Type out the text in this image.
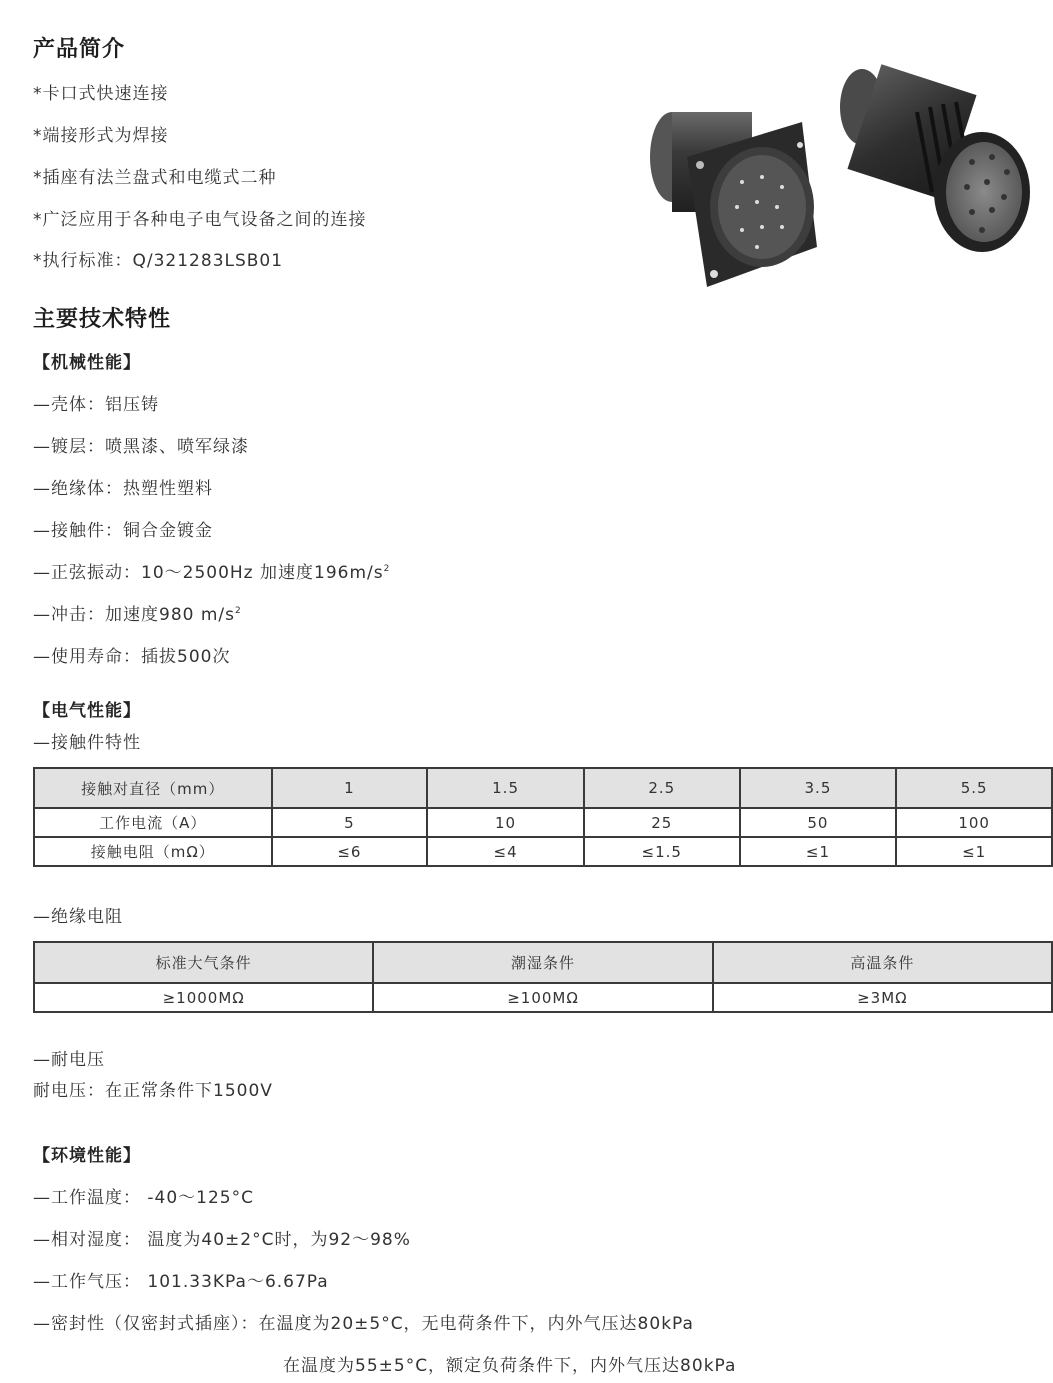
产品简介
*卡口式快速连接
*端接形式为焊接
*插座有法兰盘式和电缆式二种
*广泛应用于各种电子电气设备之间的连接
*执行标准：Q/321283LSB01
主要技术特性
【机械性能】
—壳体：铝压铸
—镀层：喷黑漆、喷军绿漆
—绝缘体：热塑性塑料
—接触件：铜合金镀金
—正弦振动：10～2500Hz 加速度$196m/s^2$
—冲击：加速度980 $m/s^2$
—使用寿命：插拔500次
【电气性能】
—接触件特性
接触对直径（mm）	1	1.5	2.5	3.5	5.5
工作电流（A）	5	10	25	50	100
接触电阻（mΩ）	≤6	≤4	≤1.5	≤1	≤1
—绝缘电阻
标准大气条件	潮湿条件	高温条件
≥1000MΩ	≥100MΩ	≥3MΩ
—耐电压
耐电压：在正常条件下1500V
【环境性能】
—工作温度： -40～125°C
—相对湿度： 温度为40±2°C时，为92～98%
—工作气压： 101.33KPa～6.67Pa
—密封性（仅密封式插座）：在温度为20±5°C，无电荷条件下，内外气压达80kPa
在温度为55±5°C，额定负荷条件下，内外气压达80kPa
